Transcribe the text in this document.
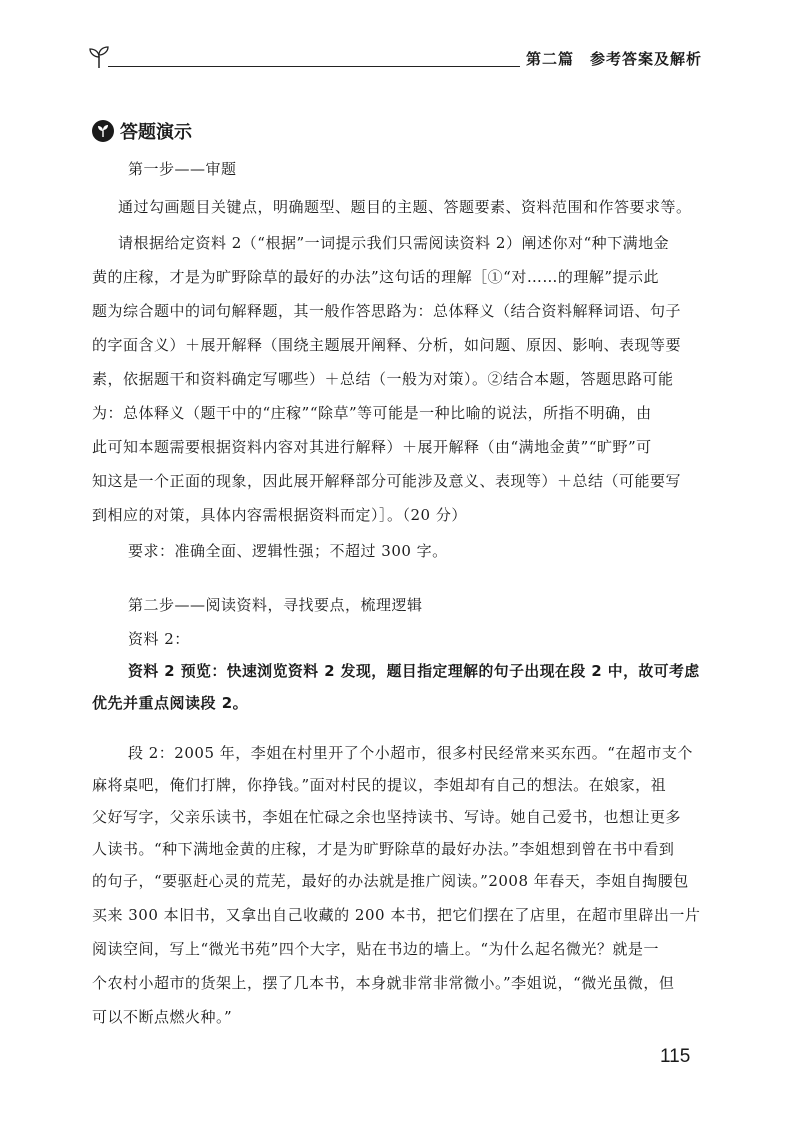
第二篇　参考答案及解析
答题演示
第一步——审题
通过勾画题目关键点，明确题型、题目的主题、答题要素、资料范围和作答要求等。
请根据给定资料 2（“根据”一词提示我们只需阅读资料 2）阐述你对“种下满地金
黄的庄稼，才是为旷野除草的最好的办法”这句话的理解［①“对……的理解”提示此
题为综合题中的词句解释题，其一般作答思路为：总体释义（结合资料解释词语、句子
的字面含义）＋展开解释（围绕主题展开阐释、分析，如问题、原因、影响、表现等要
素，依据题干和资料确定写哪些）＋总结（一般为对策）。②结合本题，答题思路可能
为：总体释义（题干中的“庄稼”“除草”等可能是一种比喻的说法，所指不明确，由
此可知本题需要根据资料内容对其进行解释）＋展开解释（由“满地金黄”“旷野”可
知这是一个正面的现象，因此展开解释部分可能涉及意义、表现等）＋总结（可能要写
到相应的对策，具体内容需根据资料而定）］。（20 分）
要求：准确全面、逻辑性强；不超过 300 字。
第二步——阅读资料，寻找要点，梳理逻辑
资料 2：
资料 2 预览：快速浏览资料 2 发现，题目指定理解的句子出现在段 2 中，故可考虑
优先并重点阅读段 2。
段 2：2005 年，李姐在村里开了个小超市，很多村民经常来买东西。“在超市支个
麻将桌吧，俺们打牌，你挣钱。”面对村民的提议，李姐却有自己的想法。在娘家，祖
父好写字，父亲乐读书，李姐在忙碌之余也坚持读书、写诗。她自己爱书，也想让更多
人读书。“种下满地金黄的庄稼，才是为旷野除草的最好办法。”李姐想到曾在书中看到
的句子，“要驱赶心灵的荒芜，最好的办法就是推广阅读。”2008 年春天，李姐自掏腰包
买来 300 本旧书，又拿出自己收藏的 200 本书，把它们摆在了店里，在超市里辟出一片
阅读空间，写上“微光书苑”四个大字，贴在书边的墙上。“为什么起名微光？就是一
个农村小超市的货架上，摆了几本书，本身就非常非常微小。”李姐说，“微光虽微，但
可以不断点燃火种。”
115
